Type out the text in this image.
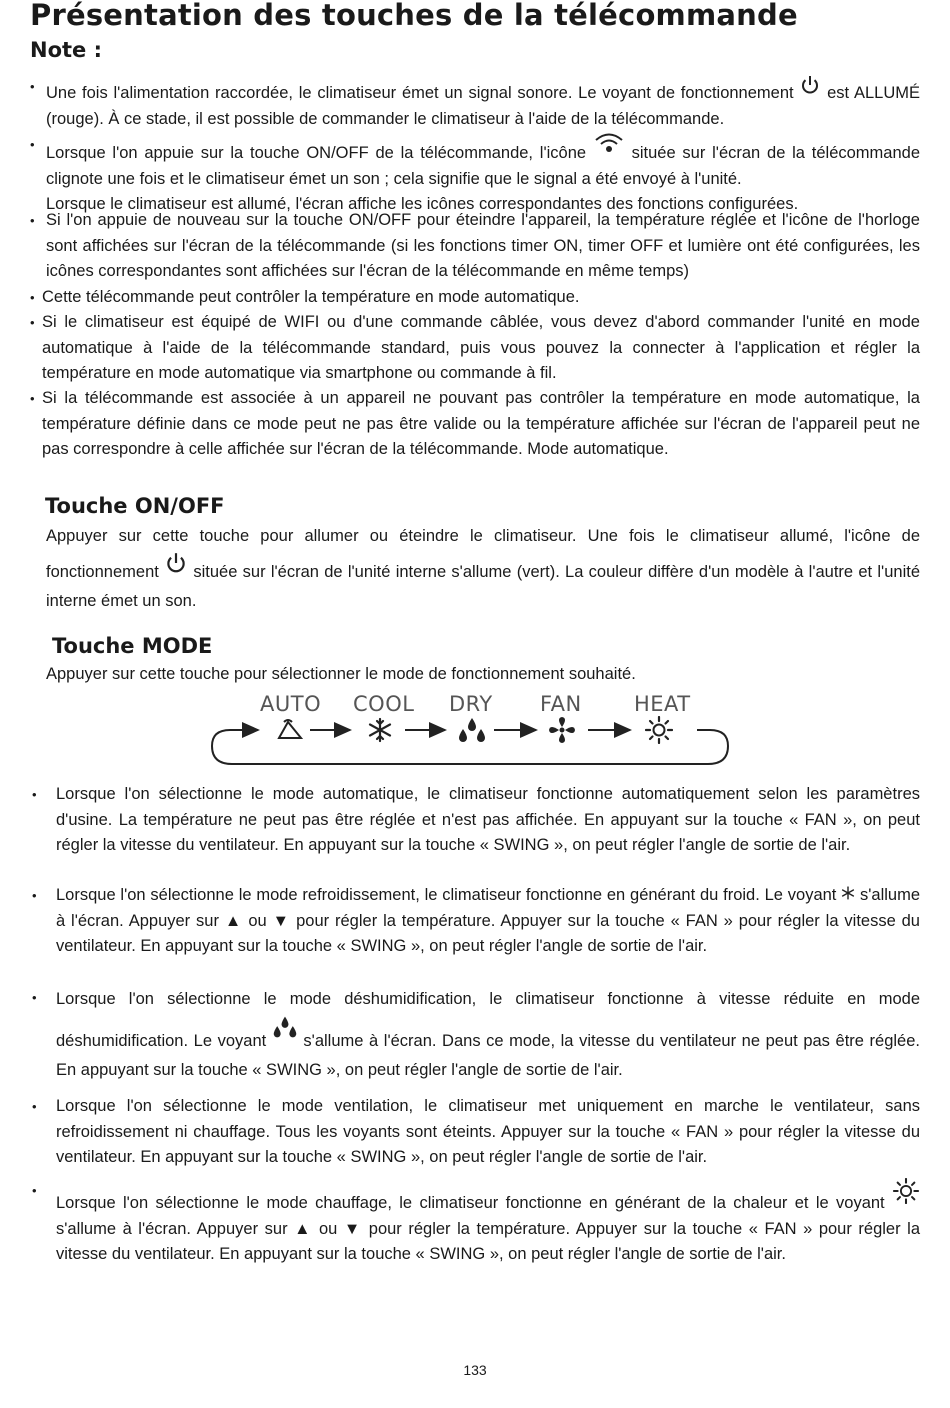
Présentation des touches de la télécommande
Note :
• Une fois l'alimentation raccordée, le climatiseur émet un signal sonore. Le voyant de fonctionnement  est ALLUMÉ (rouge). À ce stade, il est possible de commander le climatiseur à l'aide de la télécommande.

• Lorsque l'on appuie sur la touche ON/OFF de la télécommande, l'icône  située sur l'écran de la télécommande clignote une fois et le climatiseur émet un son ; cela signifie que le signal a été envoyé à l'unité.
Lorsque le climatiseur est allumé, l'écran affiche les icônes correspondantes des fonctions configurées.

• Si l'on appuie de nouveau sur la touche ON/OFF pour éteindre l'appareil, la température réglée et l'icône de l'horloge sont affichées sur l'écran de la télécommande (si les fonctions timer ON, timer OFF et lumière ont été configurées, les icônes correspondantes sont affichées sur l'écran de la télécommande en même temps)

• Cette télécommande peut contrôler la température en mode automatique.

• Si le climatiseur est équipé de WIFI ou d'une commande câblée, vous devez d'abord commander l'unité en mode automatique à l'aide de la télécommande standard, puis vous pouvez la connecter à l'application et régler la température en mode automatique via smartphone ou commande à fil.

• Si la télécommande est associée à un appareil ne pouvant pas contrôler la température en mode automatique, la température définie dans ce mode peut ne pas être valide ou la température affichée sur l'écran de l'appareil peut ne pas correspondre à celle affichée sur l'écran de la télécommande. Mode automatique.

Touche ON/OFF

Appuyer sur cette touche pour allumer ou éteindre le climatiseur. Une fois le climatiseur allumé, l'icône de fonctionnement  située sur l'écran de l'unité interne s'allume (vert). La couleur diffère d'un modèle à l'autre et l'unité interne émet un son.

Touche MODE

Appuyer sur cette touche pour sélectionner le mode de fonctionnement souhaité.

AUTO COOL DRY FAN HEAT
• Lorsque l'on sélectionne le mode automatique, le climatiseur fonctionne automatiquement selon les paramètres d'usine. La température ne peut pas être réglée et n'est pas affichée. En appuyant sur la touche « FAN », on peut régler la vitesse du ventilateur. En appuyant sur la touche « SWING », on peut régler l'angle de sortie de l'air.

• Lorsque l'on sélectionne le mode refroidissement, le climatiseur fonctionne en générant du froid. Le voyant  s'allume à l'écran. Appuyer sur ▲ ou ▼ pour régler la température. Appuyer sur la touche « FAN » pour régler la vitesse du ventilateur. En appuyant sur la touche « SWING », on peut régler l'angle de sortie de l'air.

• Lorsque l'on sélectionne le mode déshumidification, le climatiseur fonctionne à vitesse réduite en mode déshumidification. Le voyant  s'allume à l'écran. Dans ce mode, la vitesse du ventilateur ne peut pas être réglée. En appuyant sur la touche « SWING », on peut régler l'angle de sortie de l'air.

• Lorsque l'on sélectionne le mode ventilation, le climatiseur met uniquement en marche le ventilateur, sans refroidissement ni chauffage. Tous les voyants sont éteints. Appuyer sur la touche « FAN » pour régler la vitesse du ventilateur. En appuyant sur la touche « SWING », on peut régler l'angle de sortie de l'air.

•

Lorsque l'on sélectionne le mode chauffage, le climatiseur fonctionne en générant de la chaleur et le voyant  s'allume à l'écran. Appuyer sur ▲ ou ▼ pour régler la température. Appuyer sur la touche « FAN » pour régler la vitesse du ventilateur. En appuyant sur la touche « SWING », on peut régler l'angle de sortie de l'air.

133
